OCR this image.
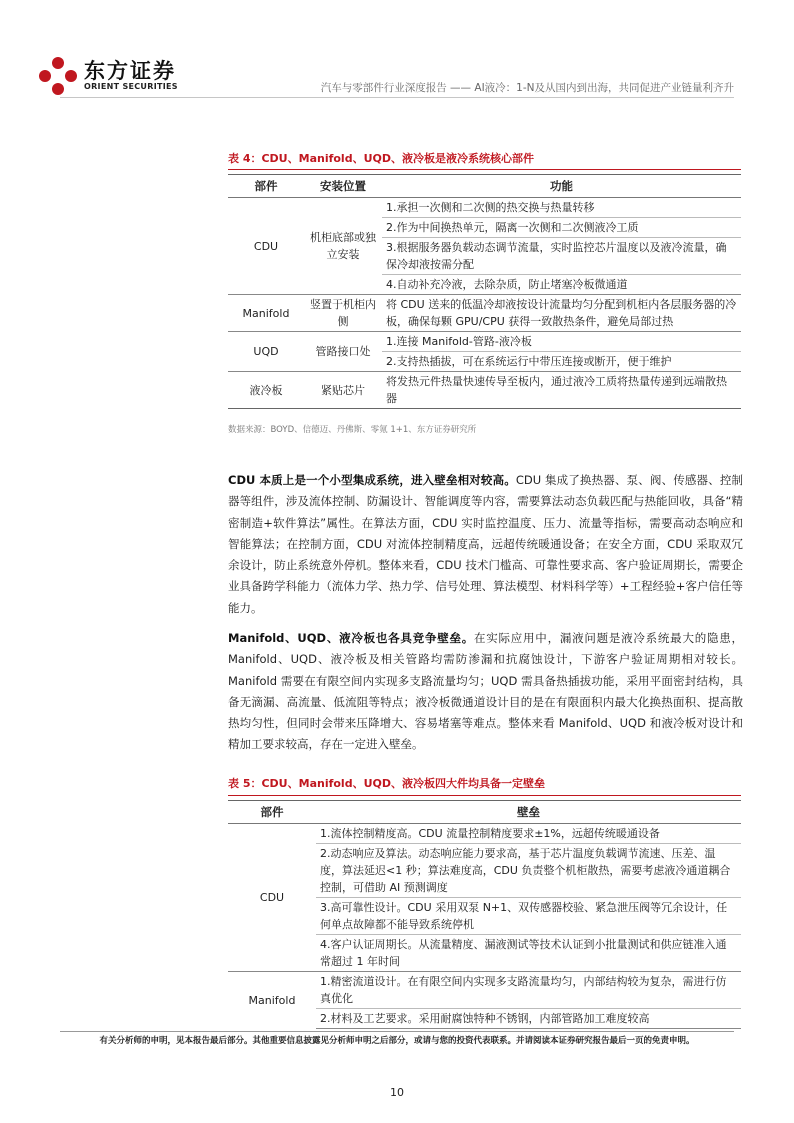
东方证券
ORIENT SECURITIES	汽车与零部件行业深度报告 —— AI液冷：1-N及从国内到出海，共同促进产业链量利齐升
表 4：CDU、Manifold、UQD、液冷板是液冷系统核心部件
部件	安装位置	功能
CDU	机柜底部或独立安装	1.承担一次侧和二次侧的热交换与热量转移
		2.作为中间换热单元，隔离一次侧和二次侧液冷工质
		3.根据服务器负载动态调节流量，实时监控芯片温度以及液冷流量，确保冷却液按需分配
		4.自动补充冷液，去除杂质，防止堵塞冷板微通道
Manifold	竖置于机柜内侧	将 CDU 送来的低温冷却液按设计流量均匀分配到机柜内各层服务器的冷板，确保每颗 GPU/CPU 获得一致散热条件，避免局部过热
UQD	管路接口处	1.连接 Manifold-管路-液冷板
		2.支持热插拔，可在系统运行中带压连接或断开，便于维护
液冷板	紧贴芯片	将发热元件热量快速传导至板内，通过液冷工质将热量传递到远端散热器
数据来源：BOYD、信德迈、丹佛斯、零氪 1+1、东方证券研究所
CDU 本质上是一个小型集成系统，进入壁垒相对较高。CDU 集成了换热器、泵、阀、传感器、控制器等组件，涉及流体控制、防漏设计、智能调度等内容，需要算法动态负载匹配与热能回收，具备“精密制造+软件算法”属性。在算法方面，CDU 实时监控温度、压力、流量等指标，需要高动态响应和智能算法；在控制方面，CDU 对流体控制精度高，远超传统暖通设备；在安全方面，CDU 采取双冗余设计，防止系统意外停机。整体来看，CDU 技术门槛高、可靠性要求高、客户验证周期长，需要企业具备跨学科能力（流体力学、热力学、信号处理、算法模型、材料科学等）+工程经验+客户信任等能力。
Manifold、UQD、液冷板也各具竞争壁垒。在实际应用中，漏液问题是液冷系统最大的隐患，Manifold、UQD、液冷板及相关管路均需防渗漏和抗腐蚀设计，下游客户验证周期相对较长。Manifold 需要在有限空间内实现多支路流量均匀；UQD 需具备热插拔功能，采用平面密封结构，具备无滴漏、高流量、低流阻等特点；液冷板微通道设计目的是在有限面积内最大化换热面积、提高散热均匀性，但同时会带来压降增大、容易堵塞等难点。整体来看 Manifold、UQD 和液冷板对设计和精加工要求较高，存在一定进入壁垒。
表 5：CDU、Manifold、UQD、液冷板四大件均具备一定壁垒
部件	壁垒
CDU	1.流体控制精度高。CDU 流量控制精度要求±1%，远超传统暖通设备
	2.动态响应及算法。动态响应能力要求高，基于芯片温度负载调节流速、压差、温度，算法延迟<1 秒；算法难度高，CDU 负责整个机柜散热，需要考虑液冷通道耦合控制，可借助 AI 预测调度
	3.高可靠性设计。CDU 采用双泵 N+1、双传感器校验、紧急泄压阀等冗余设计，任何单点故障都不能导致系统停机
	4.客户认证周期长。从流量精度、漏液测试等技术认证到小批量测试和供应链准入通常超过 1 年时间
Manifold	1.精密流道设计。在有限空间内实现多支路流量均匀，内部结构较为复杂，需进行仿真优化
	2.材料及工艺要求。采用耐腐蚀特种不锈钢，内部管路加工难度较高
有关分析师的申明，见本报告最后部分。其他重要信息披露见分析师申明之后部分，或请与您的投资代表联系。并请阅读本证券研究报告最后一页的免责申明。
10
